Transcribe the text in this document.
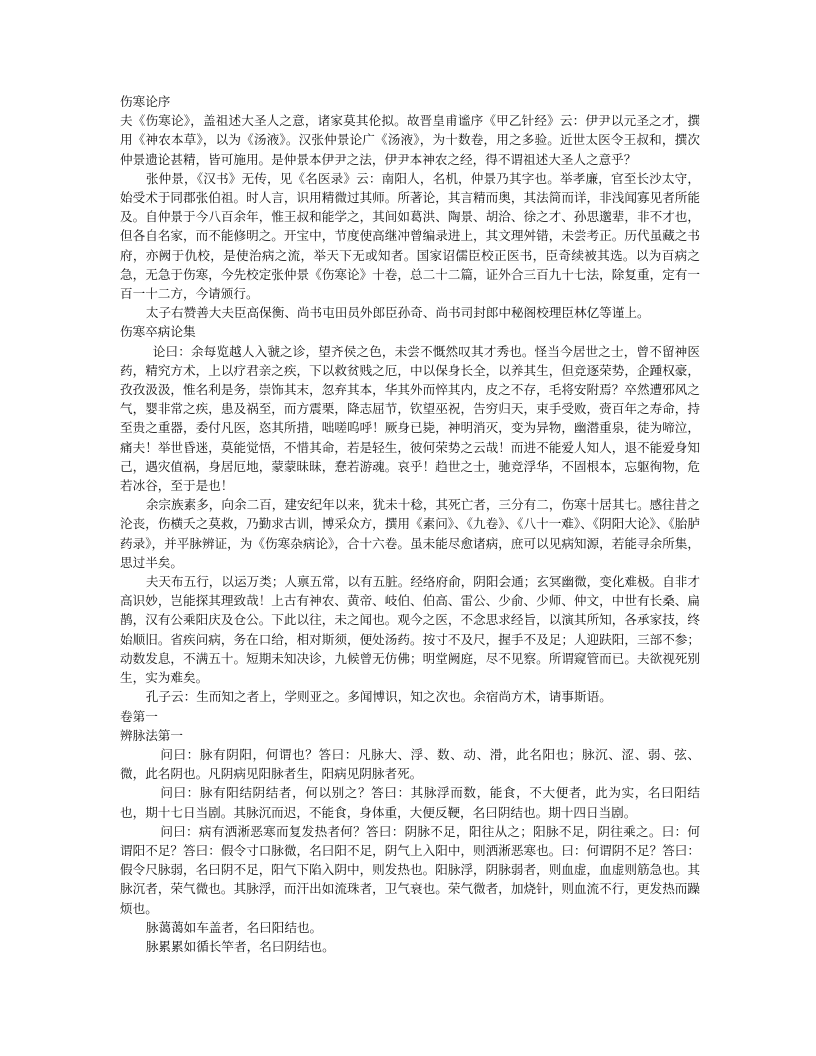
伤寒论序

夫《伤寒论》，盖祖述大圣人之意，诸家莫其伦拟。故晋皇甫谧序《甲乙针经》云：伊尹以元圣之才，撰用《神农本草》，以为《汤液》。汉张仲景论广《汤液》，为十数卷，用之多验。近世太医令王叔和，撰次仲景遗论甚精，皆可施用。是仲景本伊尹之法，伊尹本神农之经，得不谓祖述大圣人之意乎？

张仲景，《汉书》无传，见《名医录》云：南阳人，名机，仲景乃其字也。举孝廉，官至长沙太守，始受术于同郡张伯祖。时人言，识用精微过其师。所著论，其言精而奥，其法简而详，非浅闻寡见者所能及。自仲景于今八百余年，惟王叔和能学之，其间如葛洪、陶景、胡洽、徐之才、孙思邈辈，非不才也，但各自名家，而不能修明之。开宝中，节度使高继冲曾编录进上，其文理舛错，未尝考正。历代虽藏之书府，亦阙于仇校，是使治病之流，举天下无或知者。国家诏儒臣校正医书，臣奇续被其选。以为百病之急，无急于伤寒，今先校定张仲景《伤寒论》十卷，总二十二篇，证外合三百九十七法，除复重，定有一百一十二方，今请颁行。

太子右赞善大夫臣高保衡、尚书屯田员外郎臣孙奇、尚书司封郎中秘阁校理臣林亿等谨上。

伤寒卒病论集

论曰：余每览越人入虢之诊，望齐侯之色，未尝不慨然叹其才秀也。怪当今居世之士，曾不留神医药，精究方术，上以疗君亲之疾，下以救贫贱之厄，中以保身长全，以养其生，但竞逐荣势，企踵权豪，孜孜汲汲，惟名利是务，崇饰其末，忽弃其本，华其外而悴其内，皮之不存，毛将安附焉？卒然遭邪风之气，婴非常之疾，患及祸至，而方震栗，降志屈节，钦望巫祝，告穷归天，束手受败，赍百年之寿命，持至贵之重器，委付凡医，恣其所措，咄嗟呜呼！厥身已毙，神明消灭，变为异物，幽潜重泉，徒为啼泣，痛夫！举世昏迷，莫能觉悟，不惜其命，若是轻生，彼何荣势之云哉！而进不能爱人知人，退不能爱身知己，遇灾值祸，身居厄地，蒙蒙昧昧，惷若游魂。哀乎！趋世之士，驰竞浮华，不固根本，忘躯徇物，危若冰谷，至于是也！

余宗族素多，向余二百，建安纪年以来，犹未十稔，其死亡者，三分有二，伤寒十居其七。感往昔之沦丧，伤横夭之莫救，乃勤求古训，博采众方，撰用《素问》、《九卷》、《八十一难》、《阴阳大论》、《胎胪药录》，并平脉辨证，为《伤寒杂病论》，合十六卷。虽未能尽愈诸病，庶可以见病知源，若能寻余所集，思过半矣。

夫天布五行，以运万类；人禀五常，以有五脏。经络府俞，阴阳会通；玄冥幽微，变化难极。自非才高识妙，岂能探其理致哉！上古有神农、黄帝、岐伯、伯高、雷公、少俞、少师、仲文，中世有长桑、扁鹊，汉有公乘阳庆及仓公。下此以往，未之闻也。观今之医，不念思求经旨，以演其所知，各承家技，终始顺旧。省疾问病，务在口给，相对斯须，便处汤药。按寸不及尺，握手不及足；人迎趺阳，三部不参；动数发息，不满五十。短期未知决诊，九候曾无仿佛；明堂阙庭，尽不见察。所谓窥管而已。夫欲视死别生，实为难矣。

孔子云：生而知之者上，学则亚之。多闻博识，知之次也。余宿尚方术，请事斯语。

卷第一
辨脉法第一

问曰：脉有阴阳，何谓也？答曰：凡脉大、浮、数、动、滑，此名阳也；脉沉、涩、弱、弦、微，此名阴也。凡阴病见阳脉者生，阳病见阴脉者死。

问曰：脉有阳结阴结者，何以别之？答曰：其脉浮而数，能食，不大便者，此为实，名曰阳结也，期十七日当剧。其脉沉而迟，不能食，身体重，大便反鞕，名曰阴结也。期十四日当剧。

问曰：病有洒淅恶寒而复发热者何？答曰：阴脉不足，阳往从之；阳脉不足，阴往乘之。曰：何谓阳不足？答曰：假令寸口脉微，名曰阳不足，阴气上入阳中，则洒淅恶寒也。曰：何谓阴不足？答曰：假令尺脉弱，名曰阴不足，阳气下陷入阴中，则发热也。阳脉浮，阴脉弱者，则血虚，血虚则筋急也。其脉沉者，荣气微也。其脉浮，而汗出如流珠者，卫气衰也。荣气微者，加烧针，则血流不行，更发热而躁烦也。

脉蔼蔼如车盖者，名曰阳结也。

脉累累如循长竿者，名曰阴结也。
